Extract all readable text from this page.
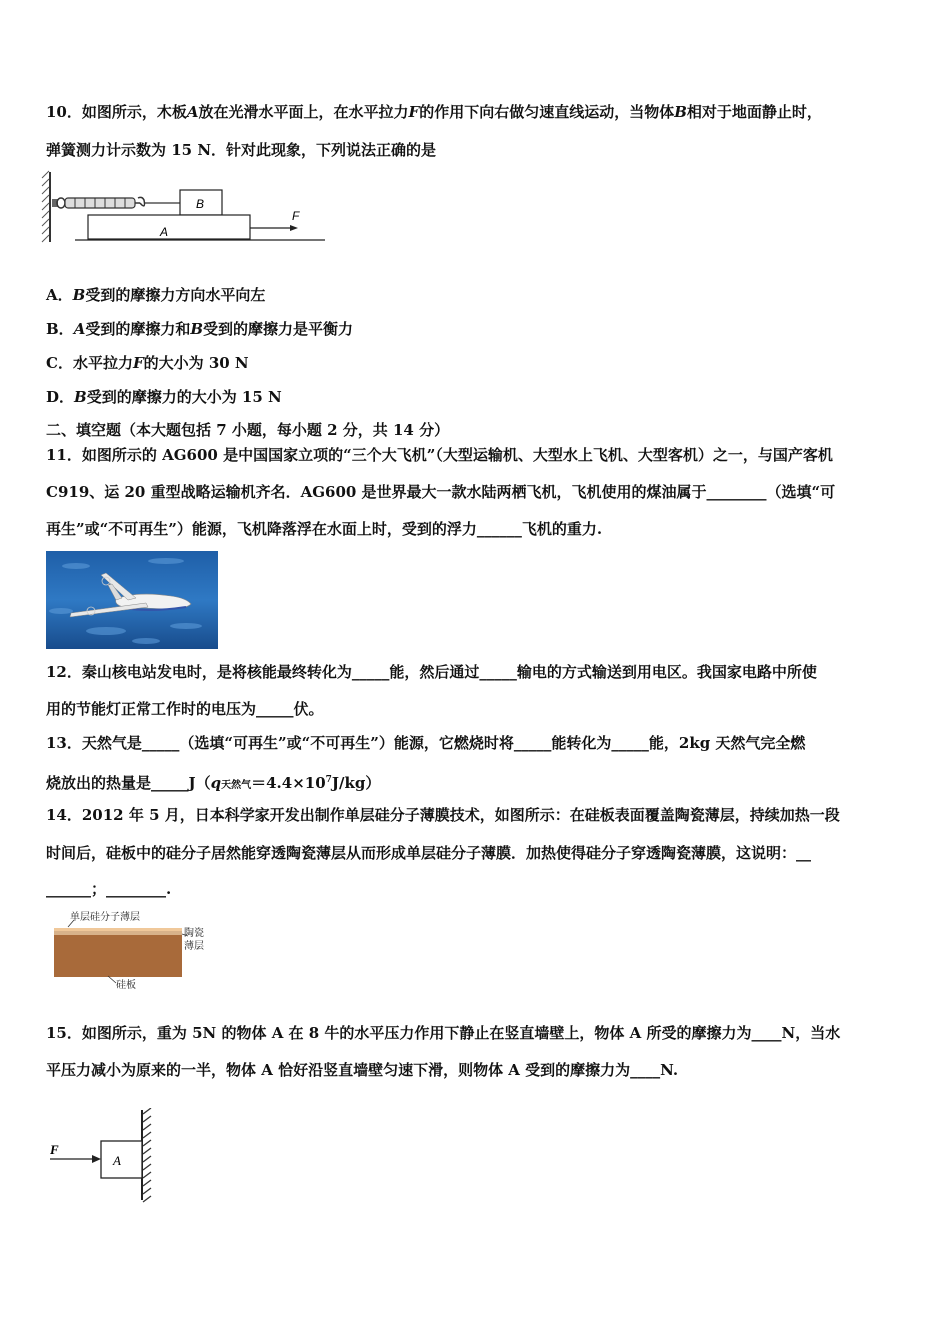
10．如图所示，木板A放在光滑水平面上，在水平拉力F的作用下向右做匀速直线运动，当物体B相对于地面静止时，
弹簧测力计示数为 15 N．针对此现象，下列说法正确的是
B
A
F
A．B受到的摩擦力方向水平向左
B．A受到的摩擦力和B受到的摩擦力是平衡力
C．水平拉力F的大小为 30 N
D．B受到的摩擦力的大小为 15 N
二、填空题（本大题包括 7 小题，每小题 2 分，共 14 分）
11．如图所示的 AG600 是中国国家立项的“三个大飞机”（大型运输机、大型水上飞机、大型客机）之一，与国产客机
C919、运 20 重型战略运输机齐名．AG600 是世界最大一款水陆两栖飞机，飞机使用的煤油属于________（选填“可
再生”或“不可再生”）能源，飞机降落浮在水面上时，受到的浮力______飞机的重力.
12．秦山核电站发电时，是将核能最终转化为_____能，然后通过_____输电的方式输送到用电区。我国家电路中所使
用的节能灯正常工作时的电压为_____伏。
13．天然气是_____（选填“可再生”或“不可再生”）能源，它燃烧时将_____能转化为_____能，2kg 天然气完全燃
烧放出的热量是_____J（q天然气$=4.4\times 10^7J/kg$）
14．2012 年 5 月，日本科学家开发出制作单层硅分子薄膜技术，如图所示：在硅板表面覆盖陶瓷薄层，持续加热一段
时间后，硅板中的硅分子居然能穿透陶瓷薄层从而形成单层硅分子薄膜．加热使得硅分子穿透陶瓷薄膜，这说明：__
______；________.
单层硅分子薄层
陶瓷
薄层
硅板
15．如图所示，重为 5N 的物体 A 在 8 牛的水平压力作用下静止在竖直墙壁上，物体 A 所受的摩擦力为____N，当水
平压力减小为原来的一半，物体 A 恰好沿竖直墙壁匀速下滑，则物体 A 受到的摩擦力为____N.
A
F
